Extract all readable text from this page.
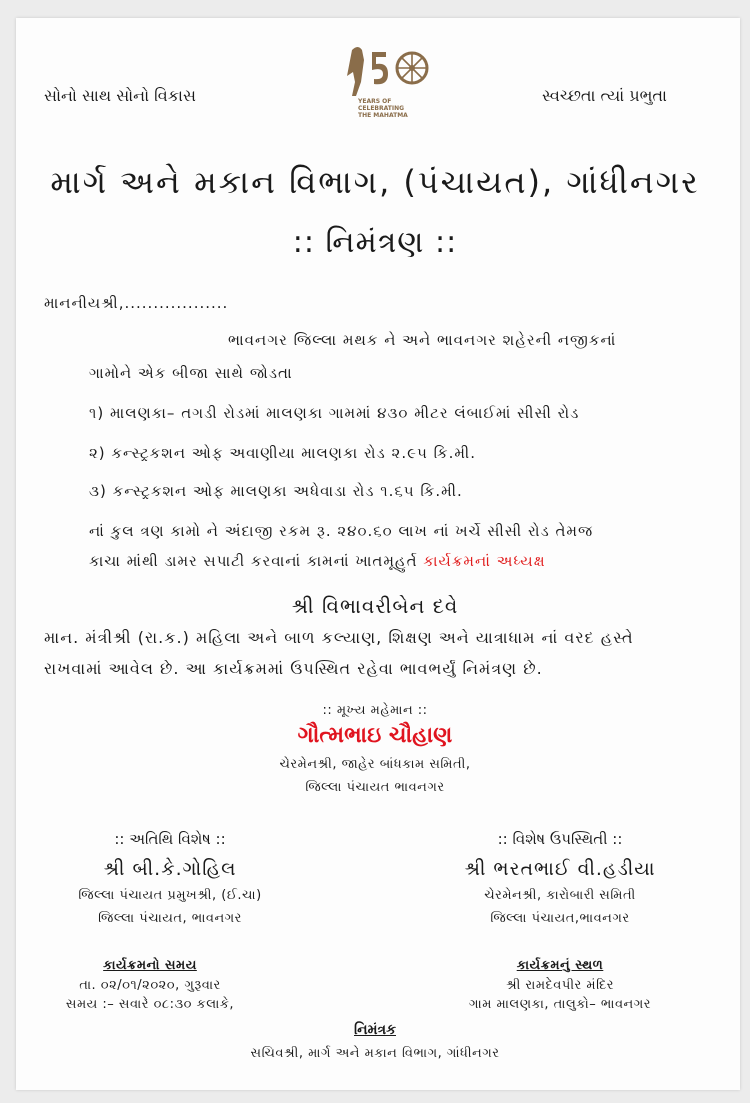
સોનો સાથ સોનો વિકાસ	YEARS OF
CELEBRATING
THE MAHATMA
સ્વચ્છતા ત્યાં પ્રભુતા
માર્ગ અને મકાન વિભાગ, (પંચાયત), ગાંધીનગર
:: નિમંત્રણ ::
માનનીયશ્રી,..................
ભાવનગર જિલ્લા મથક ને અને ભાવનગર શહેરની નજીકનાં
ગામોને એક બીજા સાથે જોડતા
૧) માલણકા– તગડી રોડમાં માલણકા ગામમાં ૪૩૦ મીટર લંબાઈમાં સીસી રોડ
૨) કન્સ્ટ્રકશન ઓફ અવાણીયા માલણકા રોડ ૨.૯૫ કિ.મી.
૩) કન્સ્ટ્રકશન ઓફ માલણકા અધેવાડા રોડ ૧.૬૫ કિ.મી.
નાં કુલ ત્રણ કામો ને અંદાજી રકમ રૂ. ૨૪૦.૬૦ લાખ નાં ખર્ચે સીસી રોડ તેમજ
કાચા માંથી ડામર સપાટી કરવાનાં કામનાં ખાતમૂહુર્ત કાર્યક્રમનાં અધ્યક્ષ
શ્રી વિભાવરીબેન દવે
માન. મંત્રીશ્રી (રા.ક.) મહિલા અને બાળ કલ્યાણ, શિક્ષણ અને યાત્રાધામ નાં વરદ હસ્તે
રાખવામાં આવેલ છે. આ કાર્યક્રમમાં ઉપસ્થિત રહેવા ભાવભર્યું નિમંત્રણ છે.
:: મૂખ્ય મહેમાન ::
ગૌત્મભાઇ ચૌહાણ
ચેરમેનશ્રી, જાહેર બાંધકામ સમિતી,
જિલ્લા પંચાયત ભાવનગર
:: અતિથિ વિશેષ ::
શ્રી બી.કે.ગોહિલ
જિલ્લા પંચાયત પ્રમુખશ્રી, (ઈ.ચા)
જિલ્લા પંચાયત, ભાવનગર
:: વિશેષ ઉપસ્થિતી ::
શ્રી ભરતભાઈ વી.હડીયા
ચેરમેનશ્રી, કારોબારી સમિતી
જિલ્લા પંચાયત,ભાવનગર
કાર્યક્રમનો સમય
તા. ૦૨/૦૧/૨૦૨૦, ગુરૂવાર
સમય :– સવારે ૦૮:૩૦ કલાકે,
કાર્યક્રમનું સ્થળ
શ્રી રામદેવપીર મંદિર
ગામ માલણકા, તાલુકો– ભાવનગર
નિમંત્રક
સચિવશ્રી, માર્ગ અને મકાન વિભાગ, ગાંધીનગર
